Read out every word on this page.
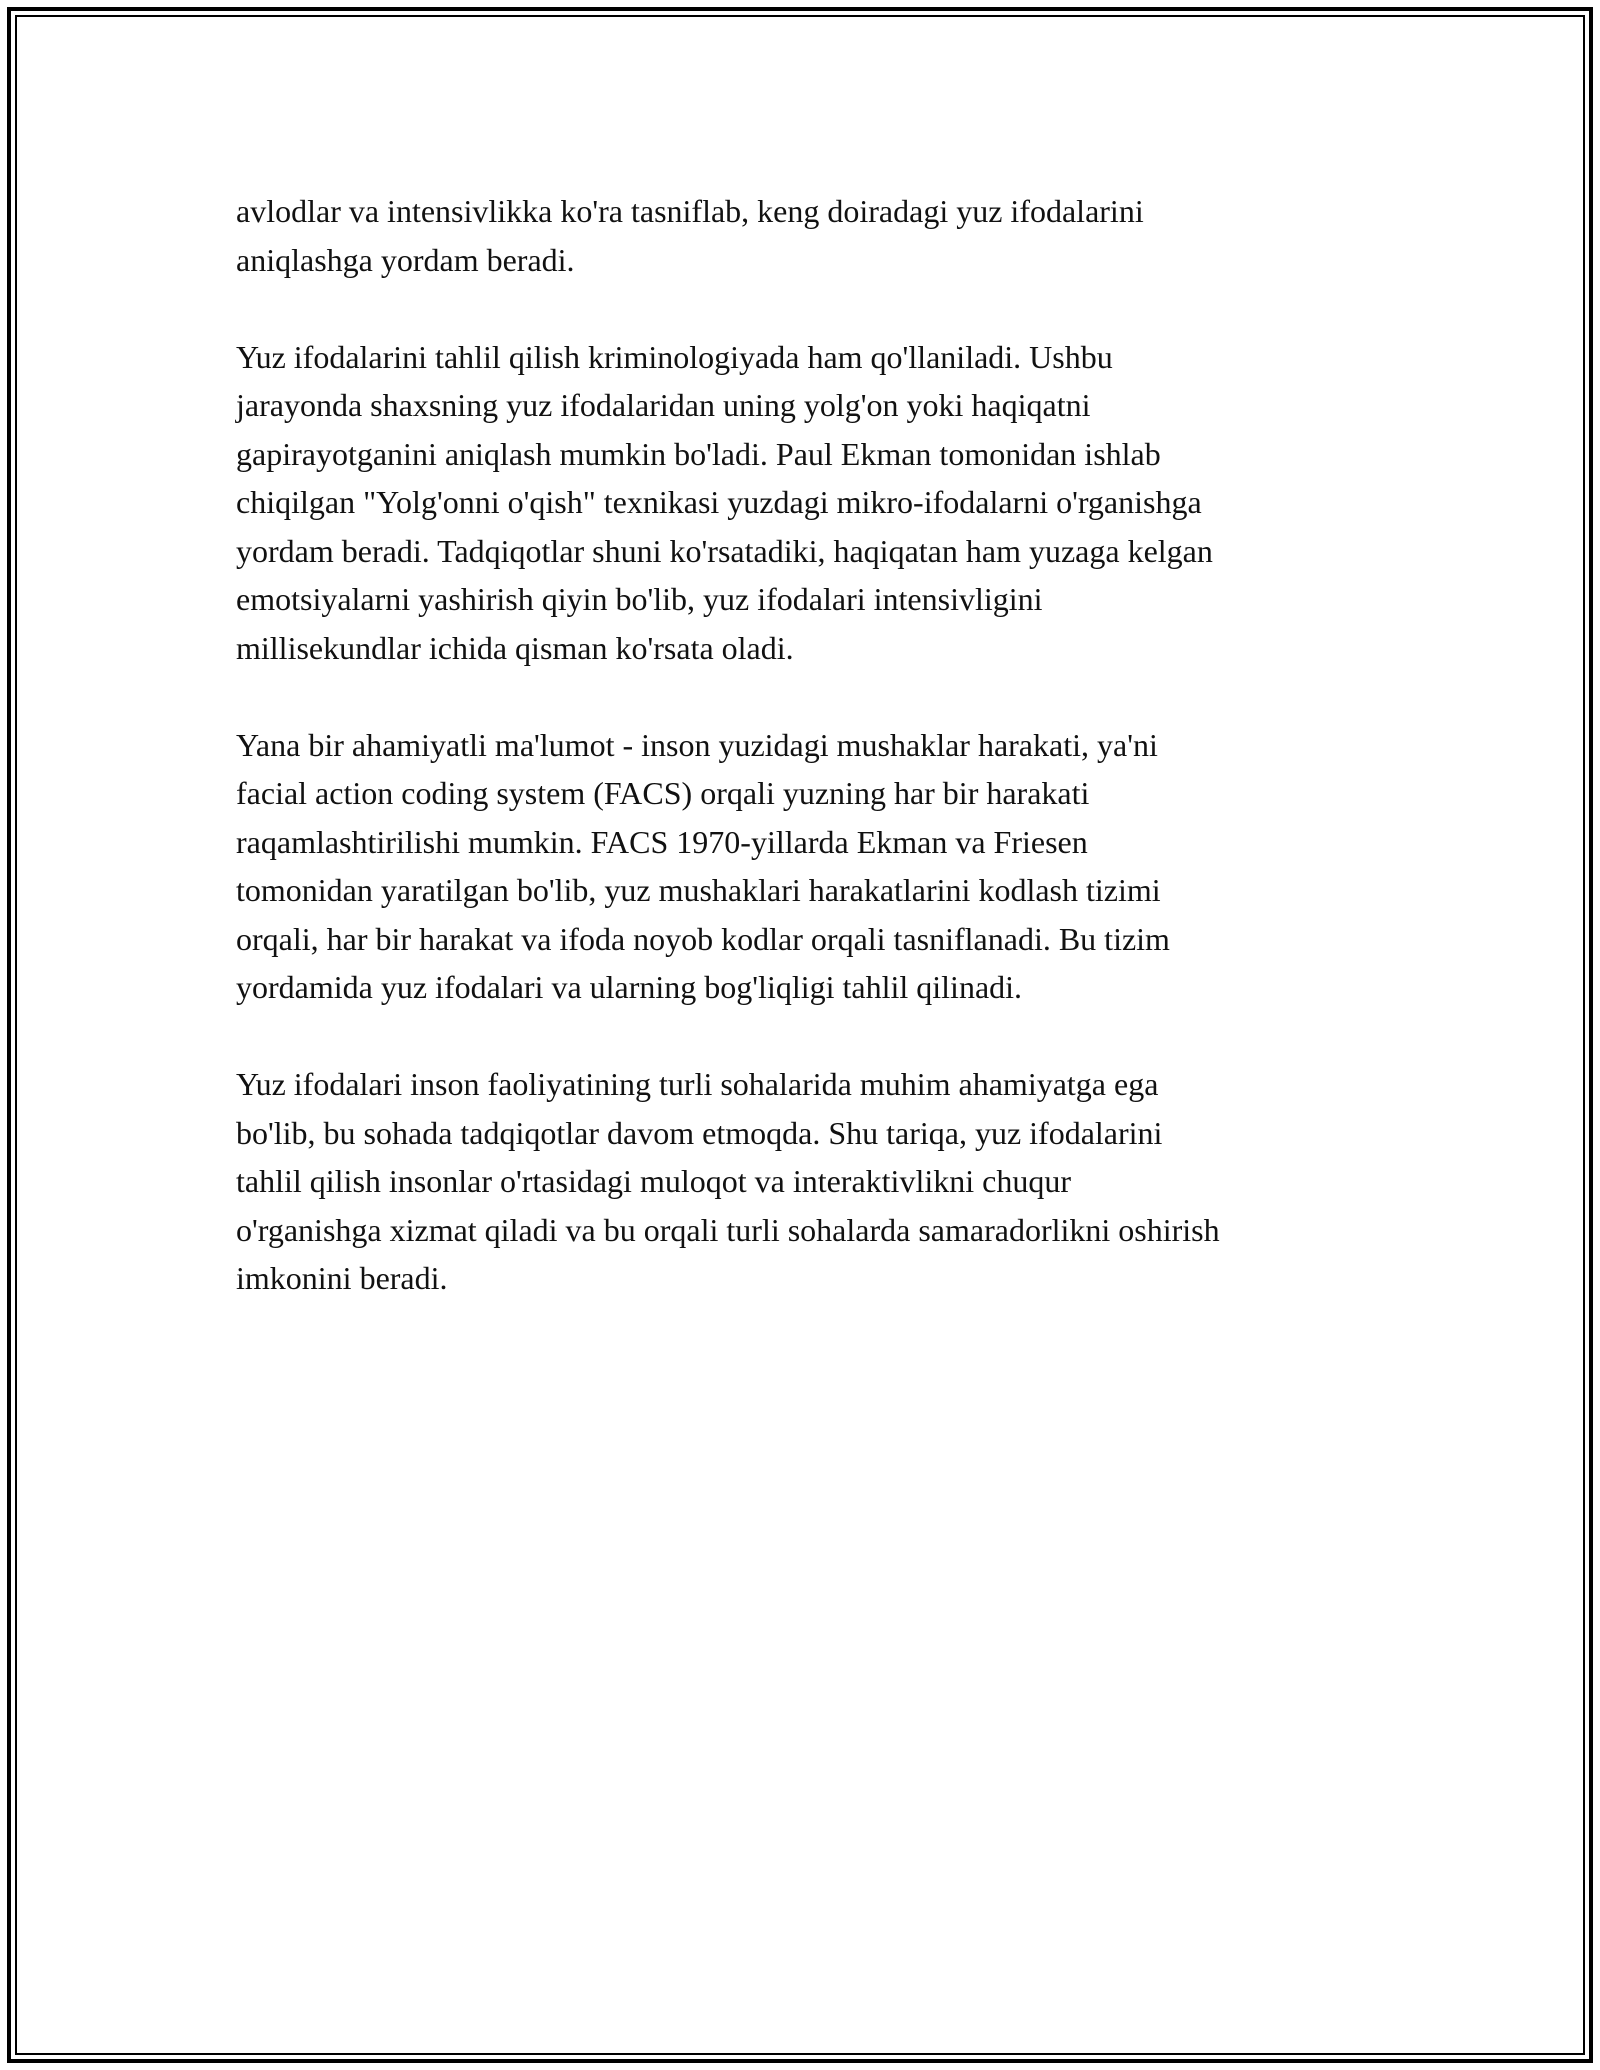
avlodlar va intensivlikka ko'ra tasniflab, keng doiradagi yuz ifodalarini
aniqlashga yordam beradi.

Yuz ifodalarini tahlil qilish kriminologiyada ham qo'llaniladi. Ushbu
jarayonda shaxsning yuz ifodalaridan uning yolg'on yoki haqiqatni
gapirayotganini aniqlash mumkin bo'ladi. Paul Ekman tomonidan ishlab
chiqilgan "Yolg'onni o'qish" texnikasi yuzdagi mikro-ifodalarni o'rganishga
yordam beradi. Tadqiqotlar shuni ko'rsatadiki, haqiqatan ham yuzaga kelgan
emotsiyalarni yashirish qiyin bo'lib, yuz ifodalari intensivligini
millisekundlar ichida qisman ko'rsata oladi.

Yana bir ahamiyatli ma'lumot - inson yuzidagi mushaklar harakati, ya'ni
facial action coding system (FACS) orqali yuzning har bir harakati
raqamlashtirilishi mumkin. FACS 1970-yillarda Ekman va Friesen
tomonidan yaratilgan bo'lib, yuz mushaklari harakatlarini kodlash tizimi
orqali, har bir harakat va ifoda noyob kodlar orqali tasniflanadi. Bu tizim
yordamida yuz ifodalari va ularning bog'liqligi tahlil qilinadi.

Yuz ifodalari inson faoliyatining turli sohalarida muhim ahamiyatga ega
bo'lib, bu sohada tadqiqotlar davom etmoqda. Shu tariqa, yuz ifodalarini
tahlil qilish insonlar o'rtasidagi muloqot va interaktivlikni chuqur
o'rganishga xizmat qiladi va bu orqali turli sohalarda samaradorlikni oshirish
imkonini beradi.
